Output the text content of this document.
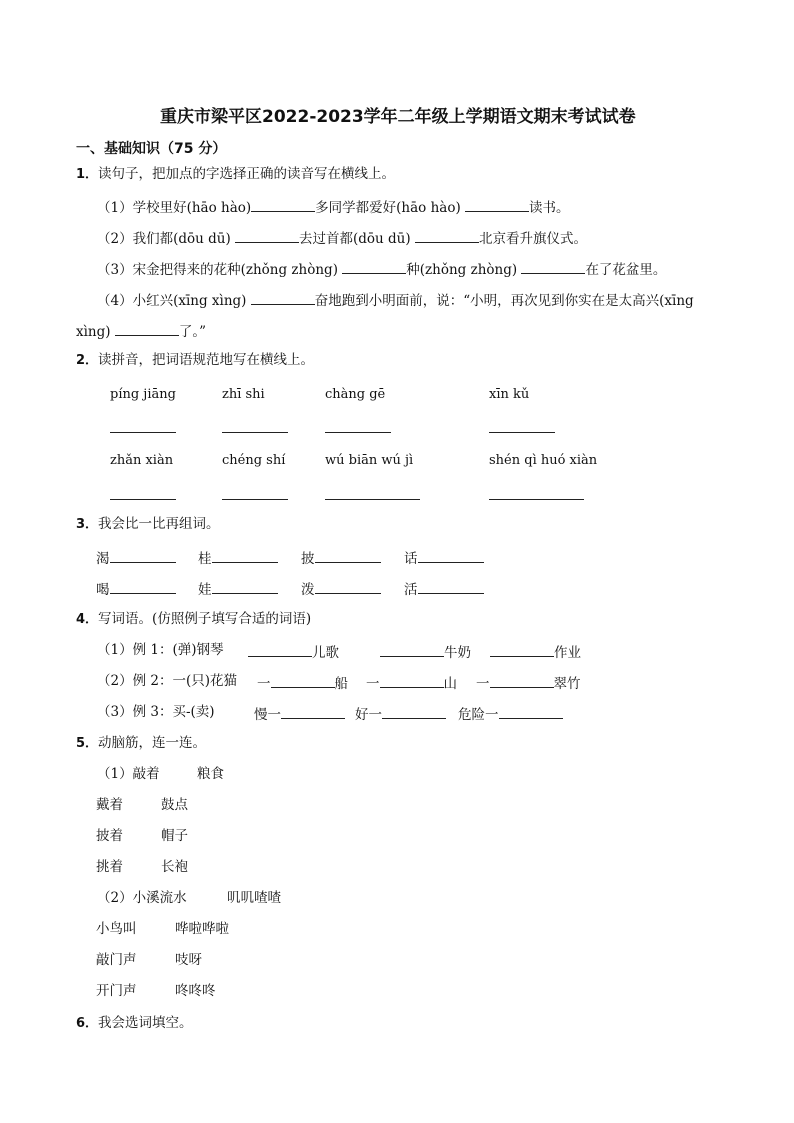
重庆市梁平区2022-2023学年二年级上学期语文期末考试试卷
一、基础知识（75 分）
1．读句子，把加点的字选择正确的读音写在横线上。
（1）学校里好(hāo hào)	多同学都爱好(hāo hào)	读书。
（2）我们都(dōu dū)	去过首都(dōu dū)	北京看升旗仪式。
（3）宋金把得来的花种(zhǒng zhòng)	种(zhǒng zhòng)	在了花盆里。
（4）小红兴(xīng xìng)	奋地跑到小明面前，说：“小明，再次见到你实在是太高兴(xīng
xìng)	了。”
2．读拼音，把词语规范地写在横线上。
píng jiāng	zhī shi	chàng gē	xīn kǔ
zhǎn xiàn	chéng shí	wú biān wú jì	shén qì huó xiàn
3．我会比一比再组词。
渴	桂	披	话
喝	娃	泼	活
4．写词语。(仿照例子填写合适的词语)
（1）例 1：(弹)钢琴	儿歌	牛奶	作业
（2）例 2：一(只)花猫 一	船 一	山 一	翠竹
（3）例 3：买-(卖)	慢一	好一	危险一
5．动脑筋，连一连。
（1）敲着	粮食
戴着	鼓点
披着	帽子
挑着	长袍
（2）小溪流水	叽叽喳喳
小鸟叫	哗啦哗啦
敲门声	吱呀
开门声	咚咚咚
6．我会选词填空。
